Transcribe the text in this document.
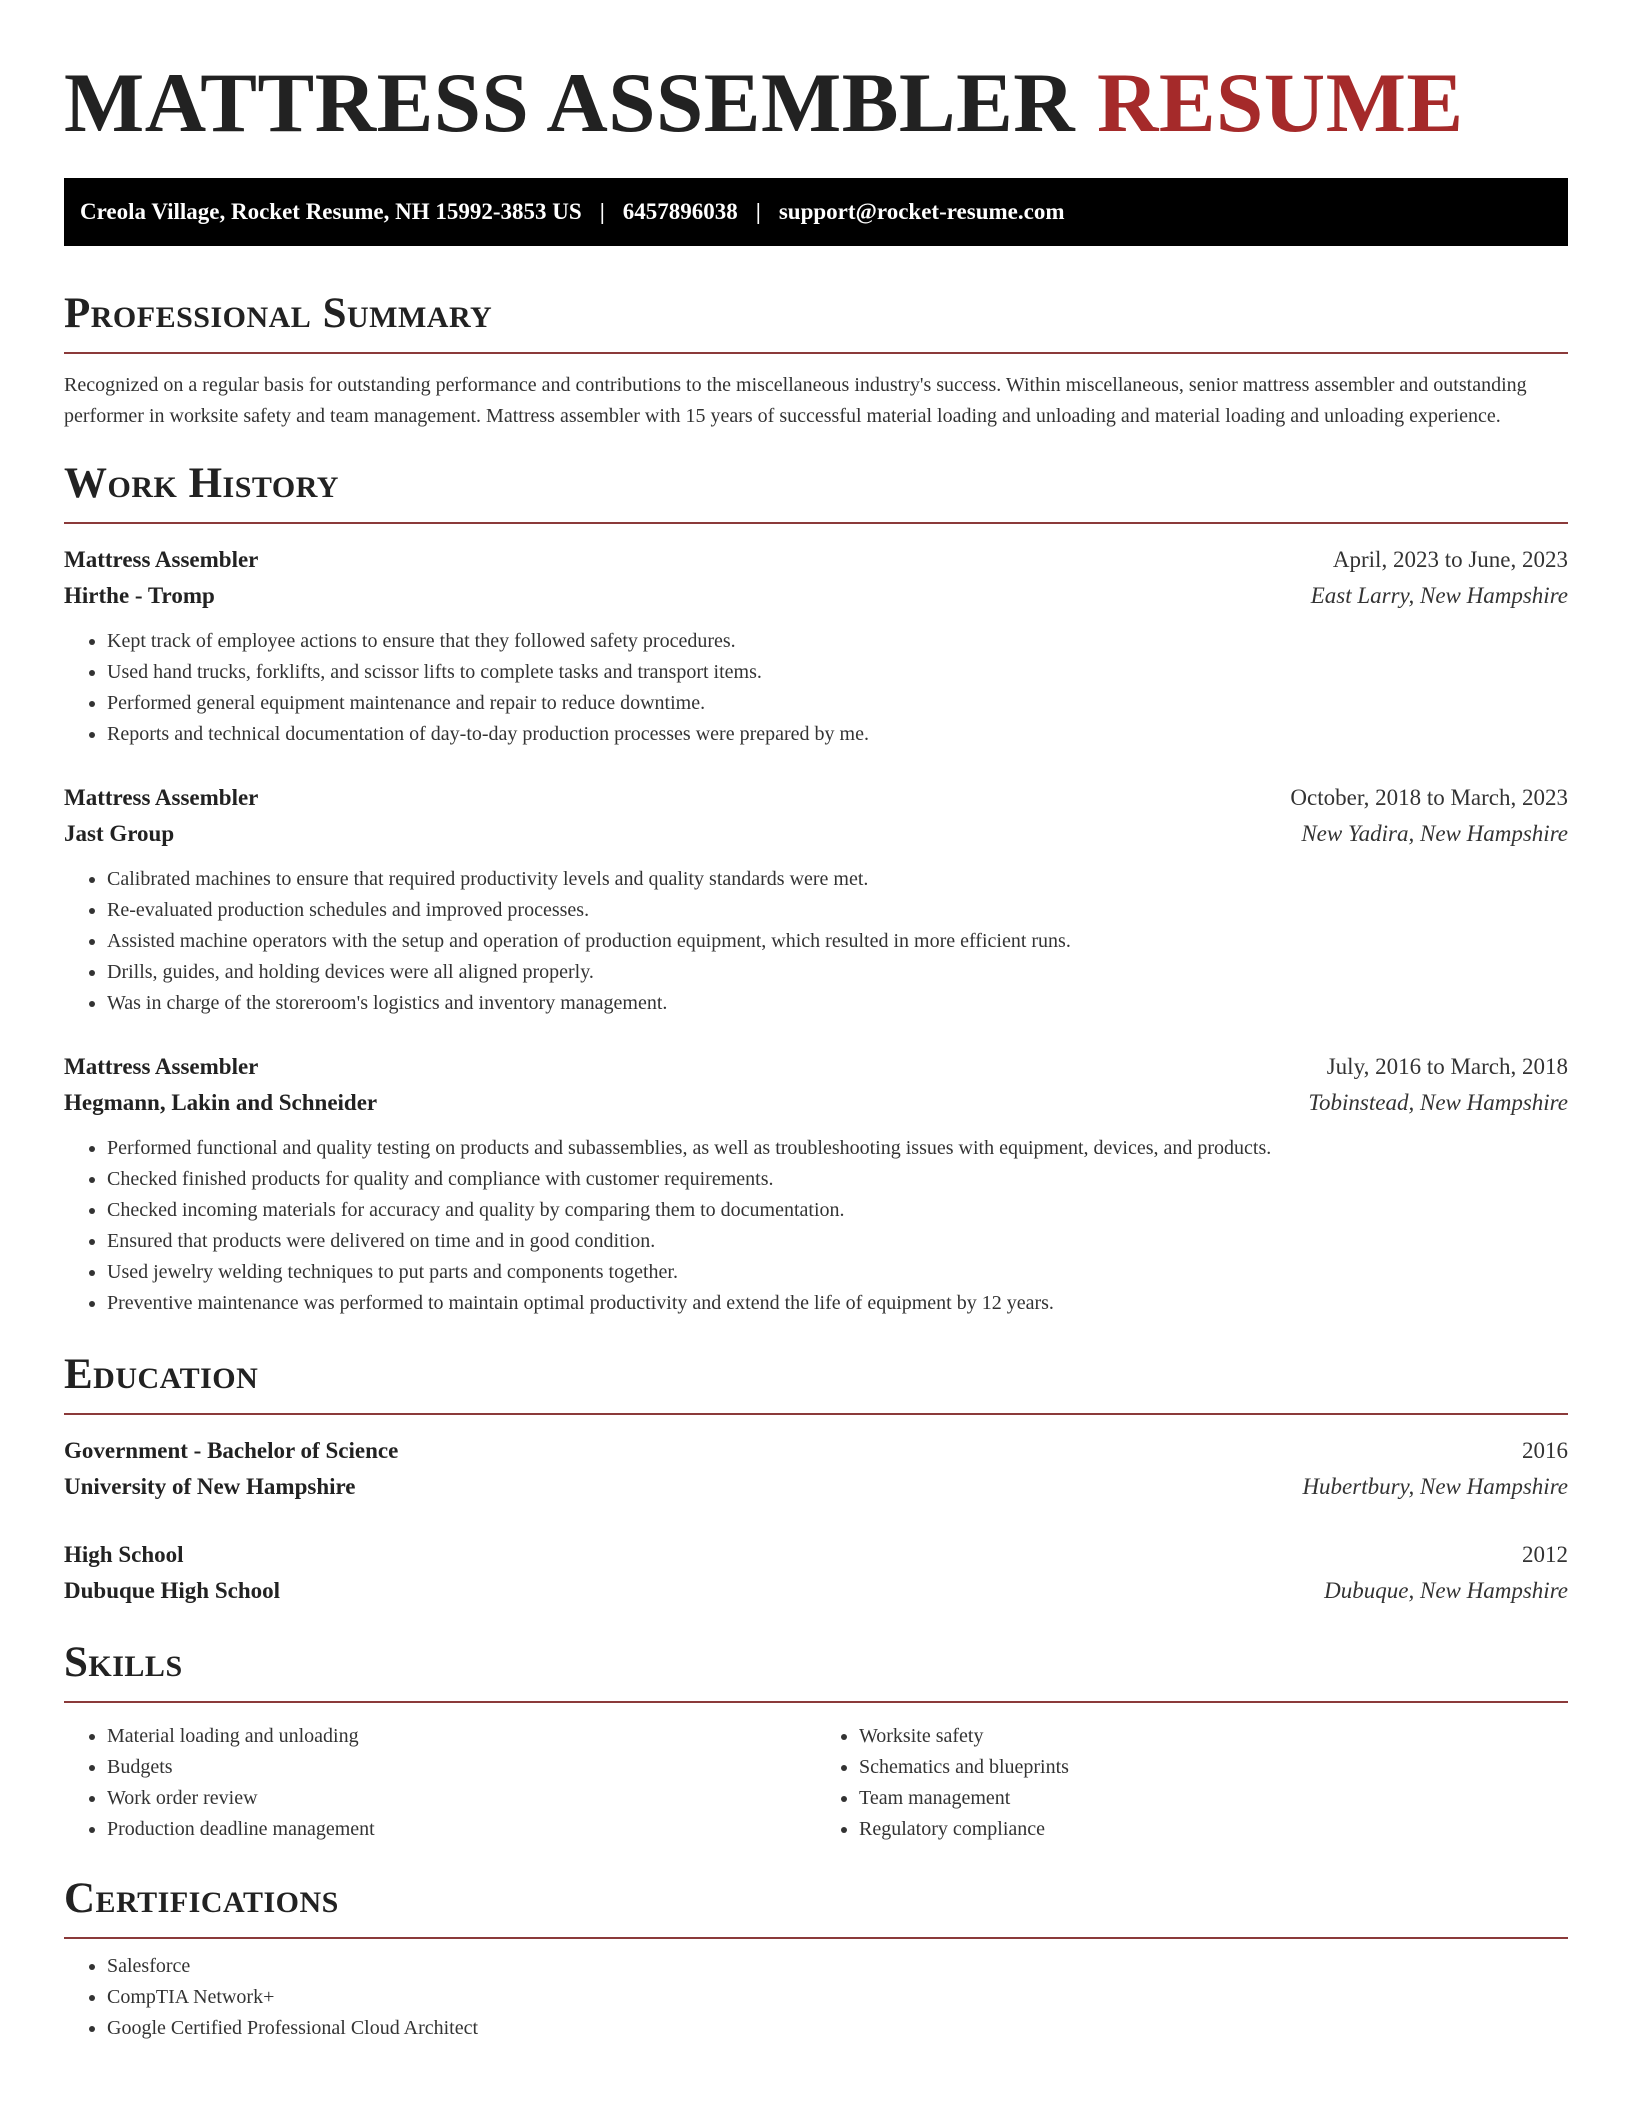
MATTRESS ASSEMBLER RESUME
Creola Village, Rocket Resume, NH 15992-3853 US | 6457896038 | support@rocket-resume.com
Professional Summary

Recognized on a regular basis for outstanding performance and contributions to the miscellaneous industry's success. Within miscellaneous, senior mattress assembler and outstanding performer in worksite safety and team management. Mattress assembler with 15 years of successful material loading and unloading and material loading and unloading experience.

Work History
Mattress Assembler	April, 2023 to June, 2023
Hirthe - Tromp	East Larry, New Hampshire
• Kept track of employee actions to ensure that they followed safety procedures.
• Used hand trucks, forklifts, and scissor lifts to complete tasks and transport items.
• Performed general equipment maintenance and repair to reduce downtime.
• Reports and technical documentation of day-to-day production processes were prepared by me.
Mattress Assembler	October, 2018 to March, 2023
Jast Group	New Yadira, New Hampshire
• Calibrated machines to ensure that required productivity levels and quality standards were met.
• Re-evaluated production schedules and improved processes.
• Assisted machine operators with the setup and operation of production equipment, which resulted in more efficient runs.
• Drills, guides, and holding devices were all aligned properly.
• Was in charge of the storeroom's logistics and inventory management.
Mattress Assembler	July, 2016 to March, 2018
Hegmann, Lakin and Schneider	Tobinstead, New Hampshire
• Performed functional and quality testing on products and subassemblies, as well as troubleshooting issues with equipment, devices, and products.
• Checked finished products for quality and compliance with customer requirements.
• Checked incoming materials for accuracy and quality by comparing them to documentation.
• Ensured that products were delivered on time and in good condition.
• Used jewelry welding techniques to put parts and components together.
• Preventive maintenance was performed to maintain optimal productivity and extend the life of equipment by 12 years.
Education
Government - Bachelor of Science	2016
University of New Hampshire	Hubertbury, New Hampshire
High School	2012
Dubuque High School	Dubuque, New Hampshire
Skills
• Material loading and unloading
• Budgets
• Work order review
• Production deadline management
• Worksite safety
• Schematics and blueprints
• Team management
• Regulatory compliance
Certifications
• Salesforce
• CompTIA Network+
• Google Certified Professional Cloud Architect
